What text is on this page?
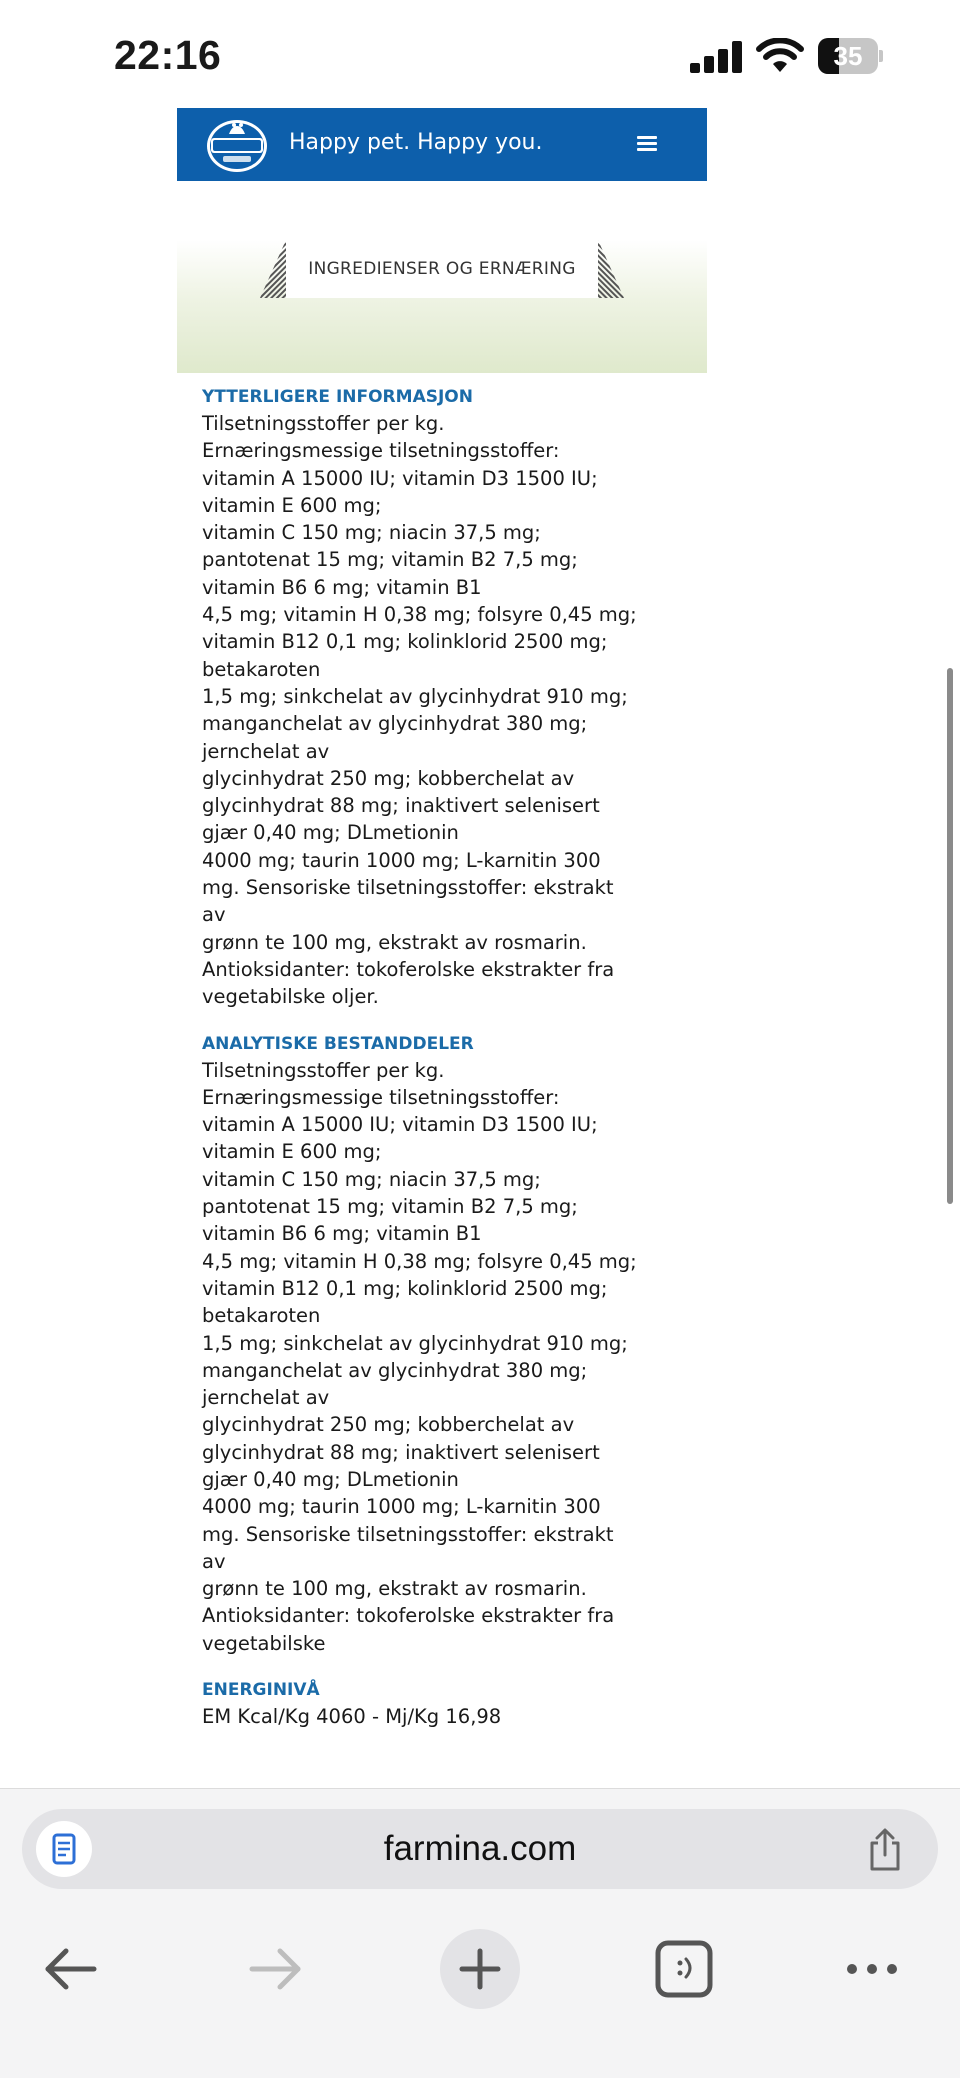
22:16	35
Happy pet. Happy you.
INGREDIENSER OG ERNÆRING
YTTERLIGERE INFORMASJON
Tilsetningsstoffer per kg.
Ernæringsmessige tilsetningsstoffer:
vitamin A 15000 IU; vitamin D3 1500 IU;
vitamin E 600 mg;
vitamin C 150 mg; niacin 37,5 mg;
pantotenat 15 mg; vitamin B2 7,5 mg;
vitamin B6 6 mg; vitamin B1
4,5 mg; vitamin H 0,38 mg; folsyre 0,45 mg;
vitamin B12 0,1 mg; kolinklorid 2500 mg;
betakaroten
1,5 mg; sinkchelat av glycinhydrat 910 mg;
manganchelat av glycinhydrat 380 mg;
jernchelat av
glycinhydrat 250 mg; kobberchelat av
glycinhydrat 88 mg; inaktivert selenisert
gjær 0,40 mg; DLmetionin
4000 mg; taurin 1000 mg; L-karnitin 300
mg. Sensoriske tilsetningsstoffer: ekstrakt
av
grønn te 100 mg, ekstrakt av rosmarin.
Antioksidanter: tokoferolske ekstrakter fra
vegetabilske oljer.
ANALYTISKE BESTANDDELER
Tilsetningsstoffer per kg.
Ernæringsmessige tilsetningsstoffer:
vitamin A 15000 IU; vitamin D3 1500 IU;
vitamin E 600 mg;
vitamin C 150 mg; niacin 37,5 mg;
pantotenat 15 mg; vitamin B2 7,5 mg;
vitamin B6 6 mg; vitamin B1
4,5 mg; vitamin H 0,38 mg; folsyre 0,45 mg;
vitamin B12 0,1 mg; kolinklorid 2500 mg;
betakaroten
1,5 mg; sinkchelat av glycinhydrat 910 mg;
manganchelat av glycinhydrat 380 mg;
jernchelat av
glycinhydrat 250 mg; kobberchelat av
glycinhydrat 88 mg; inaktivert selenisert
gjær 0,40 mg; DLmetionin
4000 mg; taurin 1000 mg; L-karnitin 300
mg. Sensoriske tilsetningsstoffer: ekstrakt
av
grønn te 100 mg, ekstrakt av rosmarin.
Antioksidanter: tokoferolske ekstrakter fra
vegetabilske
ENERGINIVÅ
EM Kcal/Kg 4060 - Mj/Kg 16,98
farmina.com
